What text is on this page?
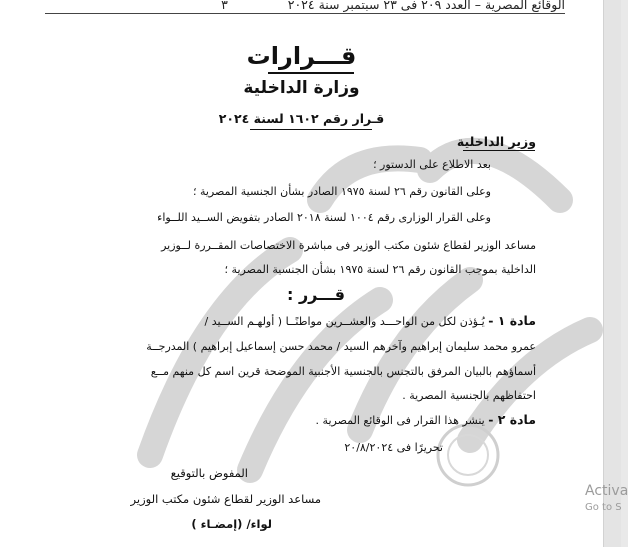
الوقائع المصرية – العدد ٢٠٩ فى ٢٣ سبتمبر سنة ٢٠٢٤  ٣
قـــرارات
وزارة الداخلية
قـرار رقم ١٦٠٢ لسنة ٢٠٢٤
وزير الداخلية
بعد الاطلاع على الدستور ؛
وعلى القانون رقم ٢٦ لسنة ١٩٧٥ الصادر بشأن الجنسية المصرية ؛
وعلى القرار الوزارى رقم ١٠٠٤ لسنة ٢٠١٨ الصادر بتفويض الســيد اللــواء
مساعد الوزير لقطاع شئون مكتب الوزير فى مباشرة الاختصاصات المقــررة لــوزير
الداخلية بموجب القانون رقم ٢٦ لسنة ١٩٧٥ بشأن الجنسية المصرية ؛
قـــرر :
مادة ١ - يُـؤذن لكل من الواحـــد والعشــرين مواطنًــا ( أولهـم الســيد /
عمرو محمد سليمان إبراهيم وآخرهم السيد / محمد حسن إسماعيل إبراهيم ) المدرجــة
أسماؤهم بالبيان المرفق بالتجنس بالجنسية الأجنبية الموضحة قرين اسم كل منهم مــع
احتفاظهم بالجنسية المصرية .
مادة ٢ - ينشر هذا القرار فى الوقائع المصرية .
تحريرًا فى ٢٠/٨/٢٠٢٤
المفوض بالتوقيع
مساعد الوزير لقطاع شئون مكتب الوزير
لواء/ (إمضـاء )
Activa
Go to S
